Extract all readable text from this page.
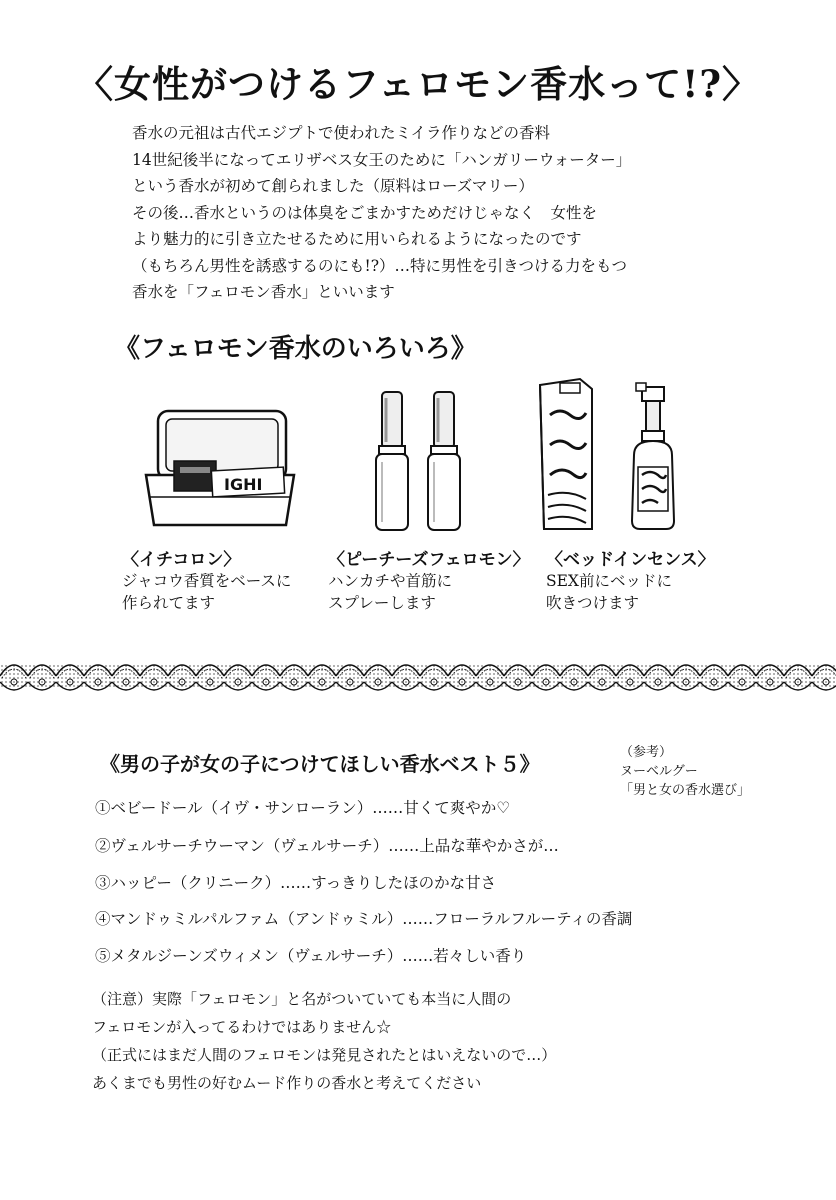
〈女性がつけるフェロモン香水って!?〉
香水の元祖は古代エジプトで使われたミイラ作りなどの香料
14世紀後半になってエリザベス女王のために「ハンガリーウォーター」
という香水が初めて創られました（原料はローズマリー）
その後…香水というのは体臭をごまかすためだけじゃなく　女性を
より魅力的に引き立たせるために用いられるようになったのです
（もちろん男性を誘惑するのにも!?）…特に男性を引きつける力をもつ
香水を「フェロモン香水」といいます
《フェロモン香水のいろいろ》
IGHI
〈イチコロン〉
ジャコウ香質をベースに
作られてます
〈ピーチーズフェロモン〉
ハンカチや首筋に
スプレーします
〈ベッドインセンス〉
SEX前にベッドに
吹きつけます
《男の子が女の子につけてほしい香水ベスト５》	（参考）
ヌーベルグー
「男と女の香水選び」
①ベビードール（イヴ・サンローラン）……甘くて爽やか♡
②ヴェルサーチウーマン（ヴェルサーチ）……上品な華やかさが…
③ハッピー（クリニーク）……すっきりしたほのかな甘さ
④マンドゥミルパルファム（アンドゥミル）……フローラルフルーティの香調
⑤メタルジーンズウィメン（ヴェルサーチ）……若々しい香り
（注意）実際「フェロモン」と名がついていても本当に人間の
フェロモンが入ってるわけではありません☆
（正式にはまだ人間のフェロモンは発見されたとはいえないので…）
あくまでも男性の好むムード作りの香水と考えてください
